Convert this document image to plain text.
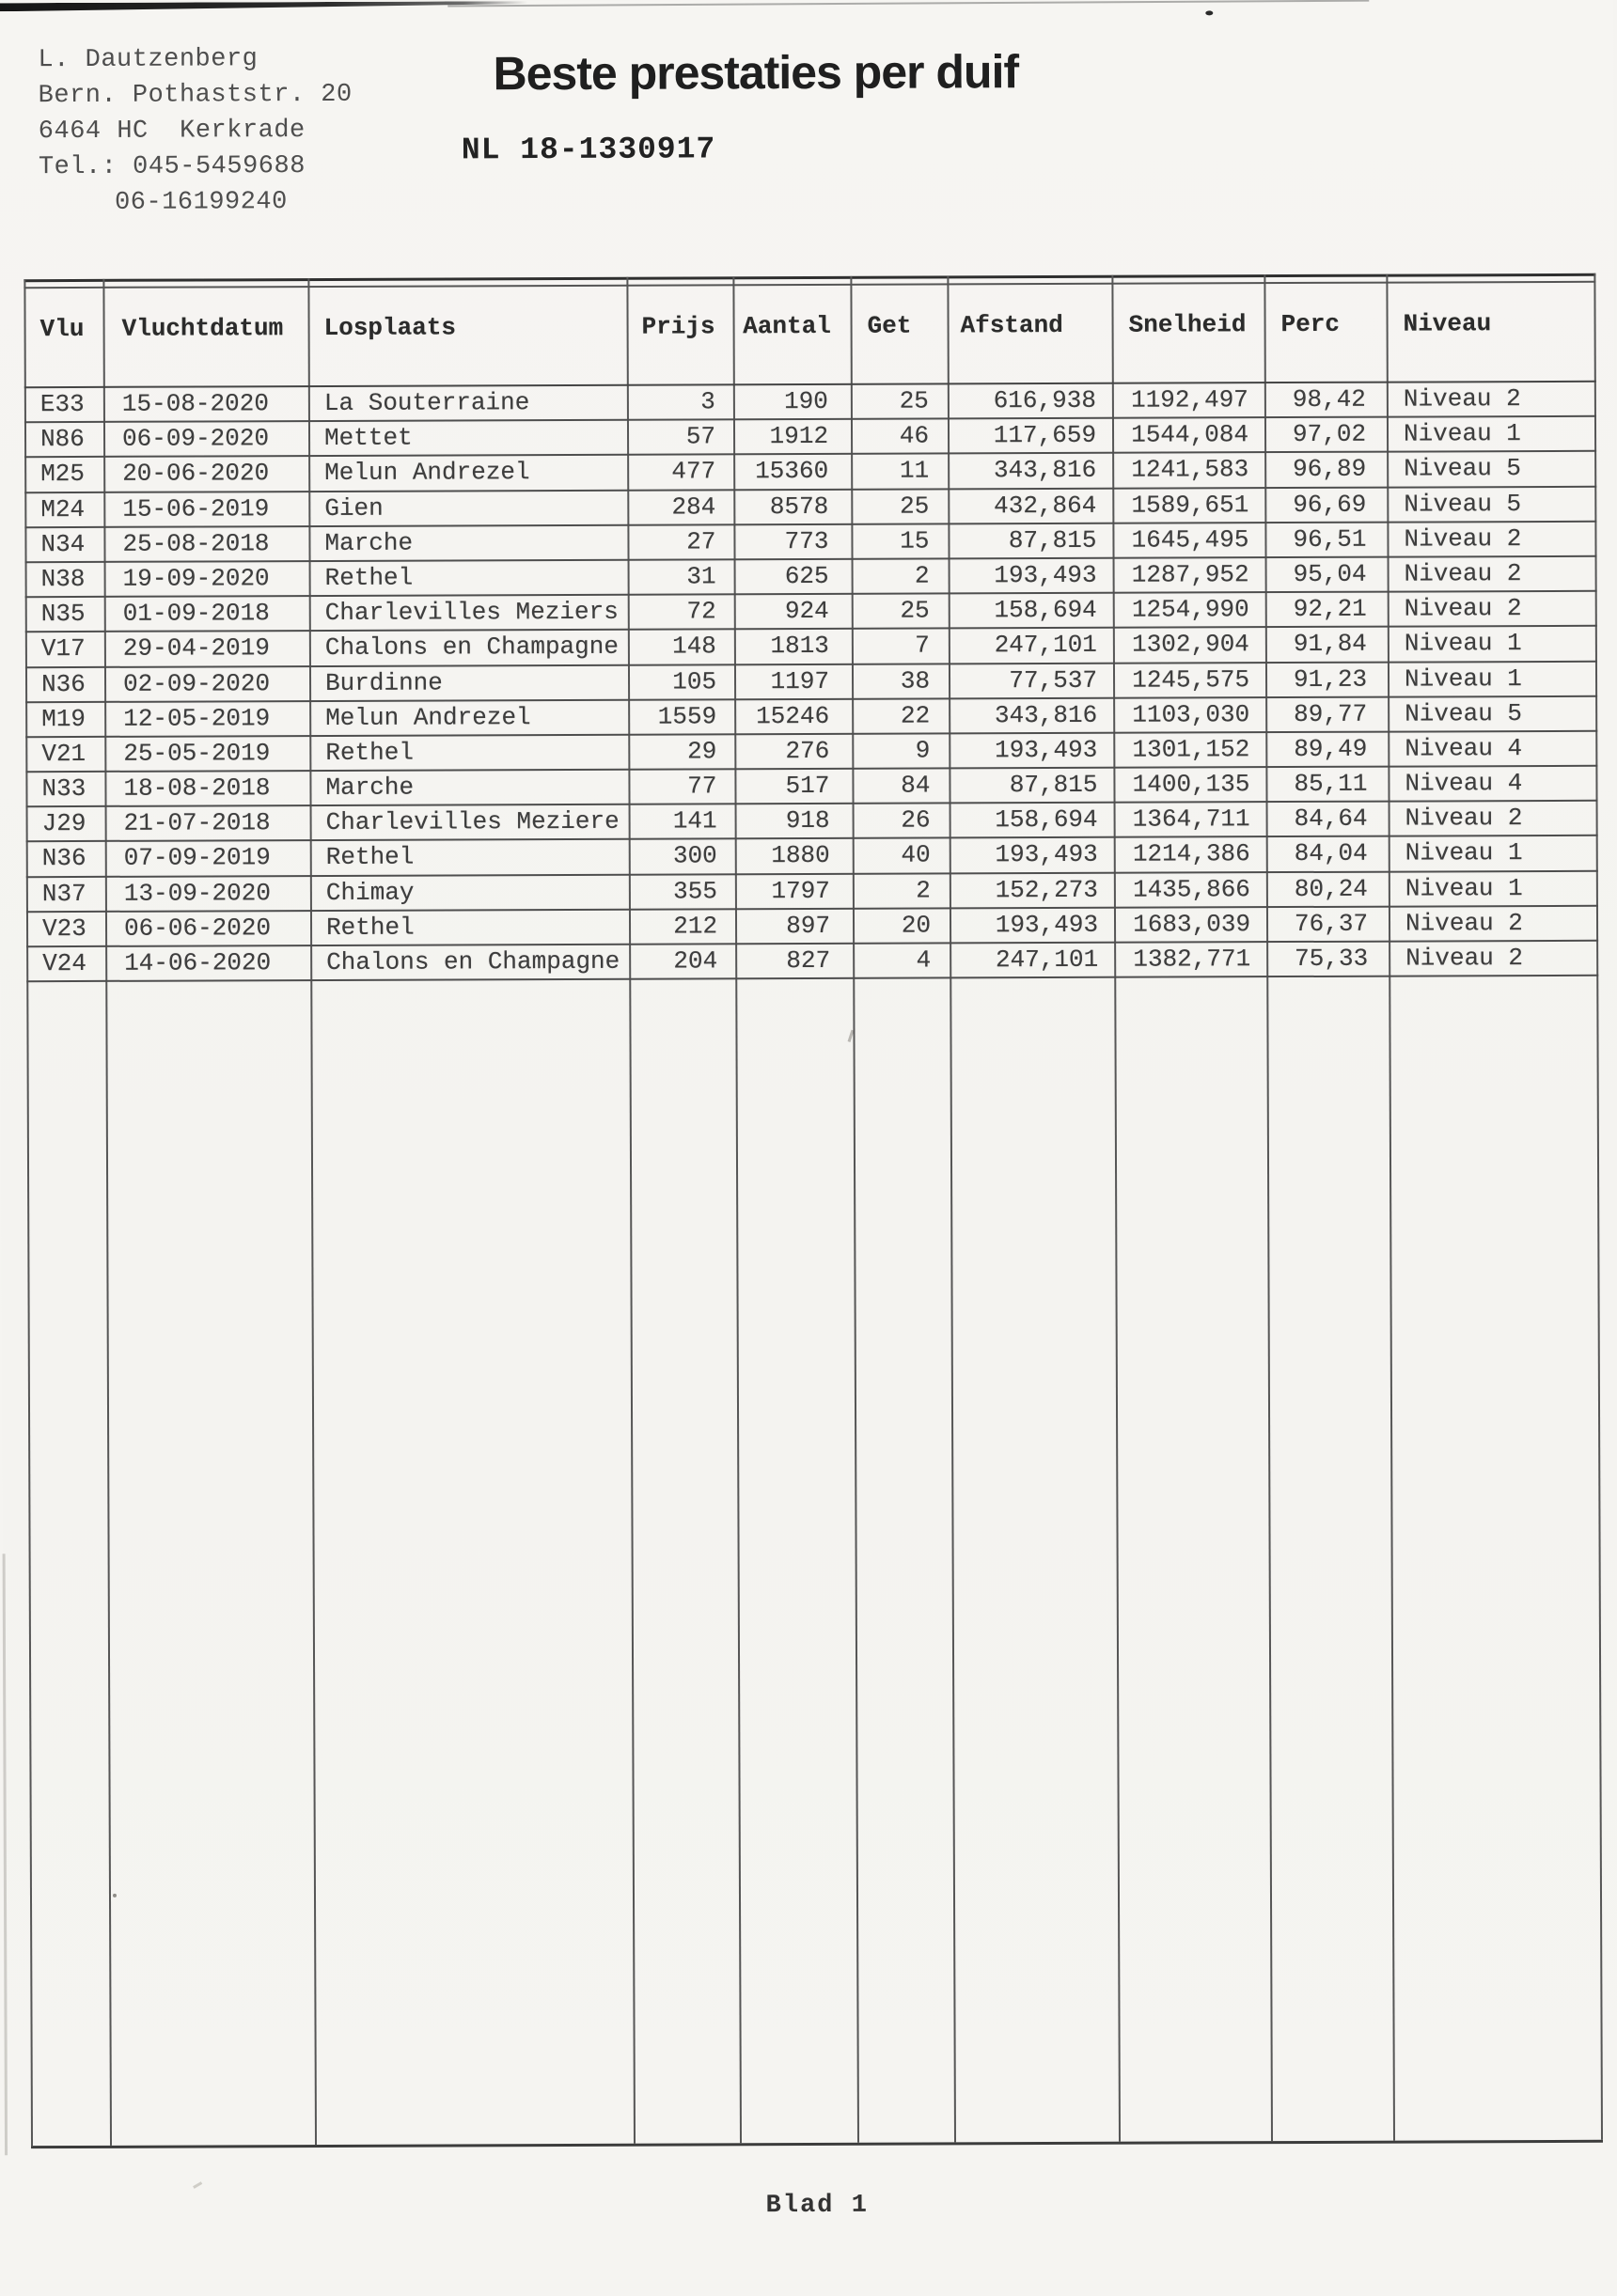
L. Dautzenberg
Bern. Pothaststr. 20
6464 HC  Kerkrade
Tel.: 045-5459688
06-16199240
Beste prestaties per duif
NL 18-1330917
Vlu	Vluchtdatum	Losplaats	Prijs	Aantal	Get	Afstand	Snelheid	Perc	Niveau
E33	15-08-2020	La Souterraine	3	190	25	616,938	1192,497	98,42	Niveau 2
N86	06-09-2020	Mettet	57	1912	46	117,659	1544,084	97,02	Niveau 1
M25	20-06-2020	Melun Andrezel	477	15360	11	343,816	1241,583	96,89	Niveau 5
M24	15-06-2019	Gien	284	8578	25	432,864	1589,651	96,69	Niveau 5
N34	25-08-2018	Marche	27	773	15	87,815	1645,495	96,51	Niveau 2
N38	19-09-2020	Rethel	31	625	2	193,493	1287,952	95,04	Niveau 2
N35	01-09-2018	Charlevilles Meziers	72	924	25	158,694	1254,990	92,21	Niveau 2
V17	29-04-2019	Chalons en Champagne	148	1813	7	247,101	1302,904	91,84	Niveau 1
N36	02-09-2020	Burdinne	105	1197	38	77,537	1245,575	91,23	Niveau 1
M19	12-05-2019	Melun Andrezel	1559	15246	22	343,816	1103,030	89,77	Niveau 5
V21	25-05-2019	Rethel	29	276	9	193,493	1301,152	89,49	Niveau 4
N33	18-08-2018	Marche	77	517	84	87,815	1400,135	85,11	Niveau 4
J29	21-07-2018	Charlevilles Meziere	141	918	26	158,694	1364,711	84,64	Niveau 2
N36	07-09-2019	Rethel	300	1880	40	193,493	1214,386	84,04	Niveau 1
N37	13-09-2020	Chimay	355	1797	2	152,273	1435,866	80,24	Niveau 1
V23	06-06-2020	Rethel	212	897	20	193,493	1683,039	76,37	Niveau 2
V24	14-06-2020	Chalons en Champagne	204	827	4	247,101	1382,771	75,33	Niveau 2
Blad 1
